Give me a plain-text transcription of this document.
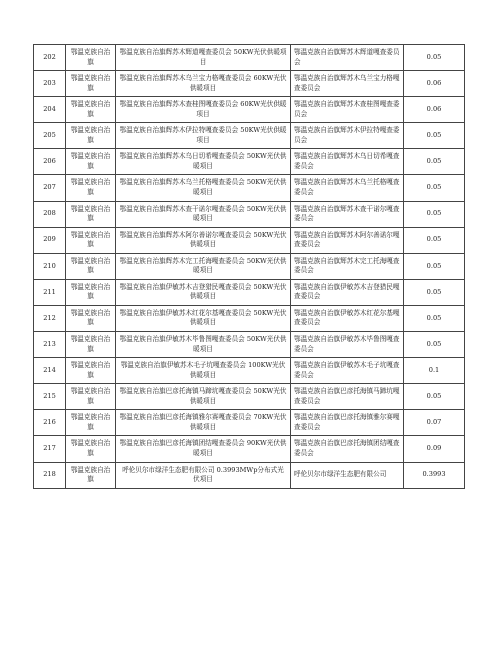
202	鄂温克族自治旗	鄂温克族自治旗辉苏木辉道嘎查委员会 50KW光伏供暖项目	鄂温克族自治旗辉苏木辉道嘎查委员会	0.05
203	鄂温克族自治旗	鄂温克族自治旗辉苏木乌兰宝力格嘎查委员会 60KW光伏供暖项目	鄂温克族自治旗辉苏木乌兰宝力格嘎查委员会	0.06
204	鄂温克族自治旗	鄂温克族自治旗辉苏木查桂图嘎查委员会 60KW光伏供暖项目	鄂温克族自治旗辉苏木查桂图嘎查委员会	0.06
205	鄂温克族自治旗	鄂温克族自治旗辉苏木伊拉特嘎查委员会 50KW光伏供暖项目	鄂温克族自治旗辉苏木伊拉特嘎查委员会	0.05
206	鄂温克族自治旗	鄂温克族自治旗辉苏木乌日切希嘎查委员会 50KW光伏供暖项目	鄂温克族自治旗辉苏木乌日切希嘎查委员会	0.05
207	鄂温克族自治旗	鄂温克族自治旗辉苏木乌兰托格嘎查委员会 50KW光伏供暖项目	鄂温克族自治旗辉苏木乌兰托格嘎查委员会	0.05
208	鄂温克族自治旗	鄂温克族自治旗辉苏木查干诺尔嘎查委员会 50KW光伏供暖项目	鄂温克族自治旗辉苏木查干诺尔嘎查委员会	0.05
209	鄂温克族自治旗	鄂温克族自治旗辉苏木阿尔善诺尔嘎查委员会 50KW光伏供暖项目	鄂温克族自治旗辉苏木阿尔善诺尔嘎查委员会	0.05
210	鄂温克族自治旗	鄂温克族自治旗辉苏木完工托海嘎查委员会 50KW光伏供暖项目	鄂温克族自治旗辉苏木完工托海嘎查委员会	0.05
211	鄂温克族自治旗	鄂温克族自治旗伊敏苏木吉登猎民嘎查委员会 50KW光伏供暖项目	鄂温克族自治旗伊敏苏木吉登猎民嘎查委员会	0.05
212	鄂温克族自治旗	鄂温克族自治旗伊敏苏木红花尔基嘎查委员会 50KW光伏供暖项目	鄂温克族自治旗伊敏苏木红花尔基嘎查委员会	0.05
213	鄂温克族自治旗	鄂温克族自治旗伊敏苏木毕鲁图嘎查委员会 50KW光伏供暖项目	鄂温克族自治旗伊敏苏木毕鲁图嘎查委员会	0.05
214	鄂温克族自治旗	鄂温克族自治旗伊敏苏木毛子坑嘎查委员会 100KW光伏供暖项目	鄂温克族自治旗伊敏苏木毛子坑嘎查委员会	0.1
215	鄂温克族自治旗	鄂温克族自治旗巴彦托海镇马蹄坑嘎查委员会 50KW光伏供暖项目	鄂温克族自治旗巴彦托海镇马蹄坑嘎查委员会	0.05
216	鄂温克族自治旗	鄂温克族自治旗巴彦托海镇雅尔赛嘎查委员会 70KW光伏供暖项目	鄂温克族自治旗巴彦托海镇雅尔赛嘎查委员会	0.07
217	鄂温克族自治旗	鄂温克族自治旗巴彦托海镇团结嘎查委员会 90KW光伏供暖项目	鄂温克族自治旗巴彦托海镇团结嘎查委员会	0.09
218	鄂温克族自治旗	呼伦贝尔市绿洋生态肥有限公司 0.3993MWp分布式光伏项目	呼伦贝尔市绿洋生态肥有限公司	0.3993
